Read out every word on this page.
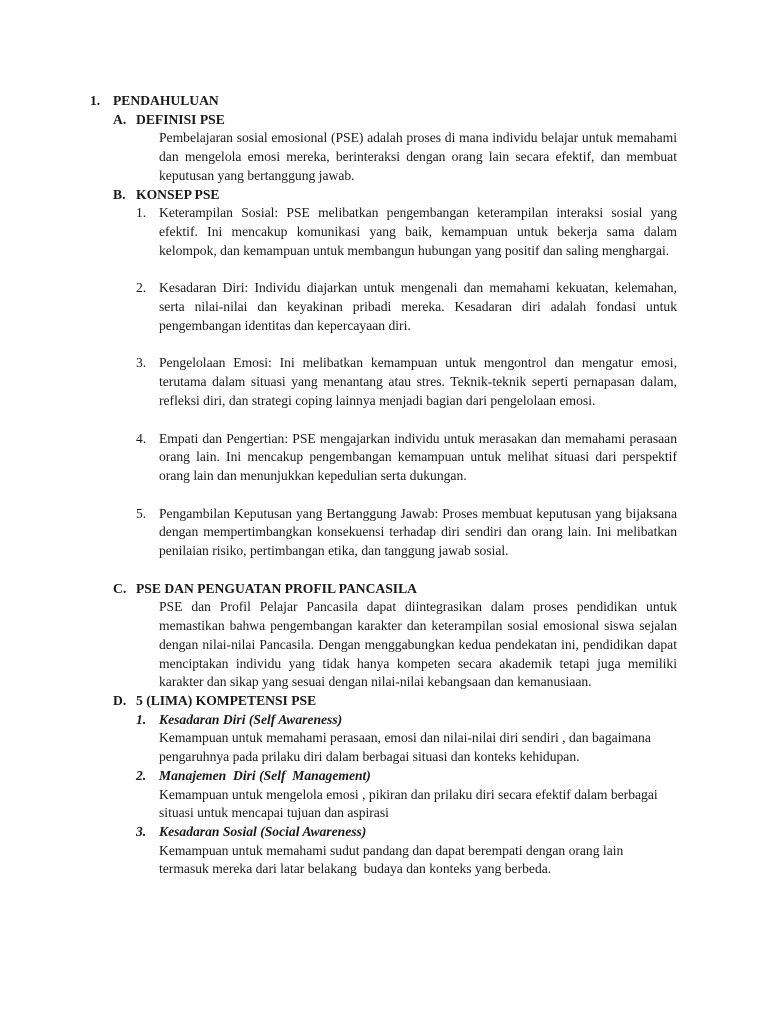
1. PENDAHULUAN
A. DEFINISI PSE
Pembelajaran sosial emosional (PSE) adalah proses di mana individu belajar untuk memahami dan mengelola emosi mereka, berinteraksi dengan orang lain secara efektif, dan membuat keputusan yang bertanggung jawab.
B. KONSEP PSE
1. Keterampilan Sosial: PSE melibatkan pengembangan keterampilan interaksi sosial yang efektif. Ini mencakup komunikasi yang baik, kemampuan untuk bekerja sama dalam kelompok, dan kemampuan untuk membangun hubungan yang positif dan saling menghargai.
2. Kesadaran Diri: Individu diajarkan untuk mengenali dan memahami kekuatan, kelemahan, serta nilai-nilai dan keyakinan pribadi mereka. Kesadaran diri adalah fondasi untuk pengembangan identitas dan kepercayaan diri.
3. Pengelolaan Emosi: Ini melibatkan kemampuan untuk mengontrol dan mengatur emosi, terutama dalam situasi yang menantang atau stres. Teknik-teknik seperti pernapasan dalam, refleksi diri, dan strategi coping lainnya menjadi bagian dari pengelolaan emosi.
4. Empati dan Pengertian: PSE mengajarkan individu untuk merasakan dan memahami perasaan orang lain. Ini mencakup pengembangan kemampuan untuk melihat situasi dari perspektif orang lain dan menunjukkan kepedulian serta dukungan.
5. Pengambilan Keputusan yang Bertanggung Jawab: Proses membuat keputusan yang bijaksana dengan mempertimbangkan konsekuensi terhadap diri sendiri dan orang lain. Ini melibatkan penilaian risiko, pertimbangan etika, dan tanggung jawab sosial.
C. PSE DAN PENGUATAN PROFIL PANCASILA
PSE dan Profil Pelajar Pancasila dapat diintegrasikan dalam proses pendidikan untuk memastikan bahwa pengembangan karakter dan keterampilan sosial emosional siswa sejalan dengan nilai-nilai Pancasila. Dengan menggabungkan kedua pendekatan ini, pendidikan dapat menciptakan individu yang tidak hanya kompeten secara akademik tetapi juga memiliki karakter dan sikap yang sesuai dengan nilai-nilai kebangsaan dan kemanusiaan.
D. 5 (LIMA) KOMPETENSI PSE
1. Kesadaran Diri (Self Awareness)
Kemampuan untuk memahami perasaan, emosi dan nilai-nilai diri sendiri , dan bagaimana
pengaruhnya pada prilaku diri dalam berbagai situasi dan konteks kehidupan.
2. Manajemen  Diri (Self  Management)
Kemampuan untuk mengelola emosi , pikiran dan prilaku diri secara efektif dalam berbagai
situasi untuk mencapai tujuan dan aspirasi
3. Kesadaran Sosial (Social Awareness)
Kemampuan untuk memahami sudut pandang dan dapat berempati dengan orang lain
termasuk mereka dari latar belakang  budaya dan konteks yang berbeda.
